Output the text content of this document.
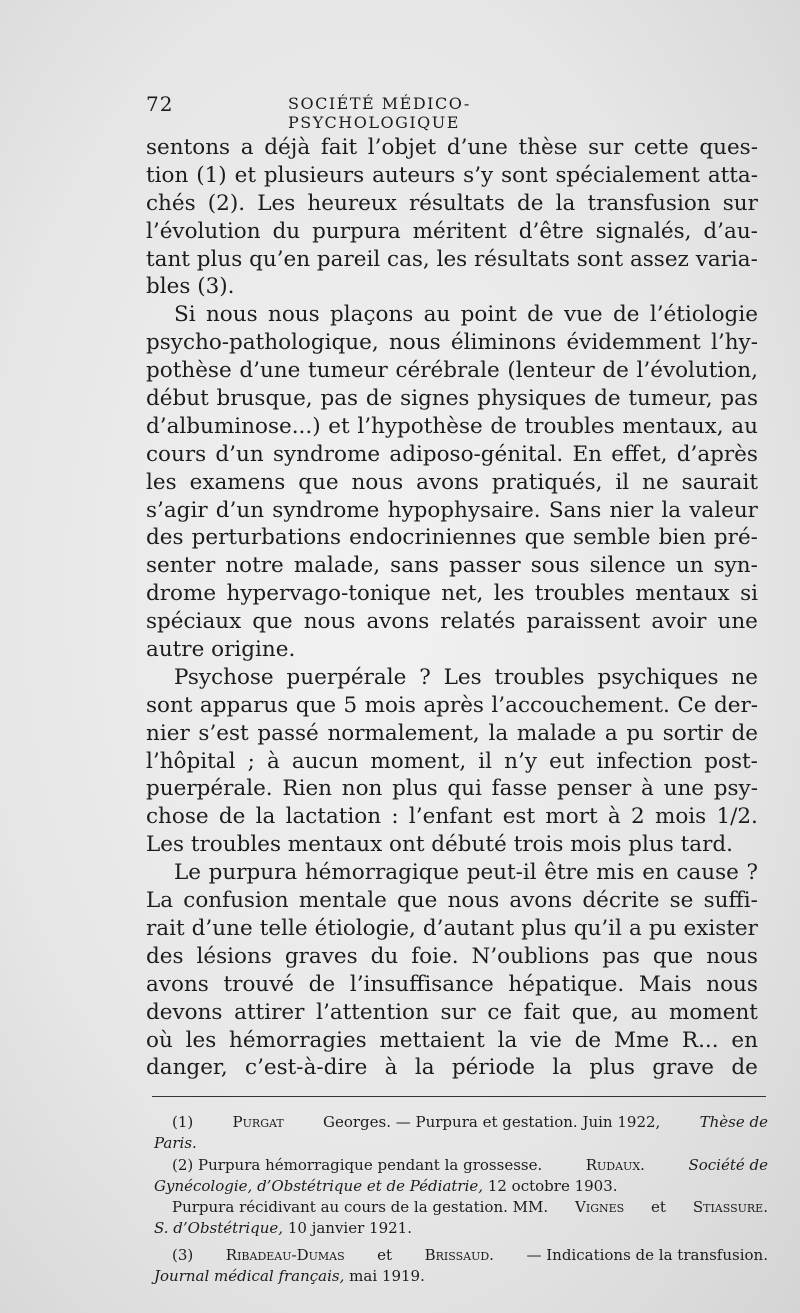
72	SOCIÉTÉ MÉDICO-PSYCHOLOGIQUE
sentons a déjà fait l’objet d’une thèse sur cette ques-
tion (1) et plusieurs auteurs s’y sont spécialement atta-
chés (2). Les heureux résultats de la transfusion sur
l’évolution du purpura méritent d’être signalés, d’au-
tant plus qu’en pareil cas, les résultats sont assez varia-
bles (3).
Si nous nous plaçons au point de vue de l’étiologie
psycho-pathologique, nous éliminons évidemment l’hy-
pothèse d’une tumeur cérébrale (lenteur de l’évolution,
début brusque, pas de signes physiques de tumeur, pas
d’albuminose...) et l’hypothèse de troubles mentaux, au
cours d’un syndrome adiposo-génital. En effet, d’après
les examens que nous avons pratiqués, il ne saurait
s’agir d’un syndrome hypophysaire. Sans nier la valeur
des perturbations endocriniennes que semble bien pré-
senter notre malade, sans passer sous silence un syn-
drome hypervago-tonique net, les troubles mentaux si
spéciaux que nous avons relatés paraissent avoir une
autre origine.
Psychose puerpérale ? Les troubles psychiques ne
sont apparus que 5 mois après l’accouchement. Ce der-
nier s’est passé normalement, la malade a pu sortir de
l’hôpital ; à aucun moment, il n’y eut infection post-
puerpérale. Rien non plus qui fasse penser à une psy-
chose de la lactation : l’enfant est mort à 2 mois 1/2.
Les troubles mentaux ont débuté trois mois plus tard.
Le purpura hémorragique peut-il être mis en cause ?
La confusion mentale que nous avons décrite se suffi-
rait d’une telle étiologie, d’autant plus qu’il a pu exister
des lésions graves du foie. N’oublions pas que nous
avons trouvé de l’insuffisance hépatique. Mais nous
devons attirer l’attention sur ce fait que, au moment
où les hémorragies mettaient la vie de Mme R... en
danger, c’est-à-dire à la période la plus grave de
(1)	Purgat	Georges. — Purpura et gestation. Juin 1922,	Thèse de
Paris.
(2) Purpura hémorragique pendant la grossesse.	Rudaux.	Société de
Gynécologie, d’Obstétrique et de Pédiatrie,
12 octobre 1903.
Purpura récidivant au cours de la gestation. MM. Vignes et Stiassure.
S. d’Obstétrique,
10 janvier 1921.
(3) Ribadeau-Dumas et Brissaud. — Indications de la transfusion.
Journal médical français,
mai 1919.
